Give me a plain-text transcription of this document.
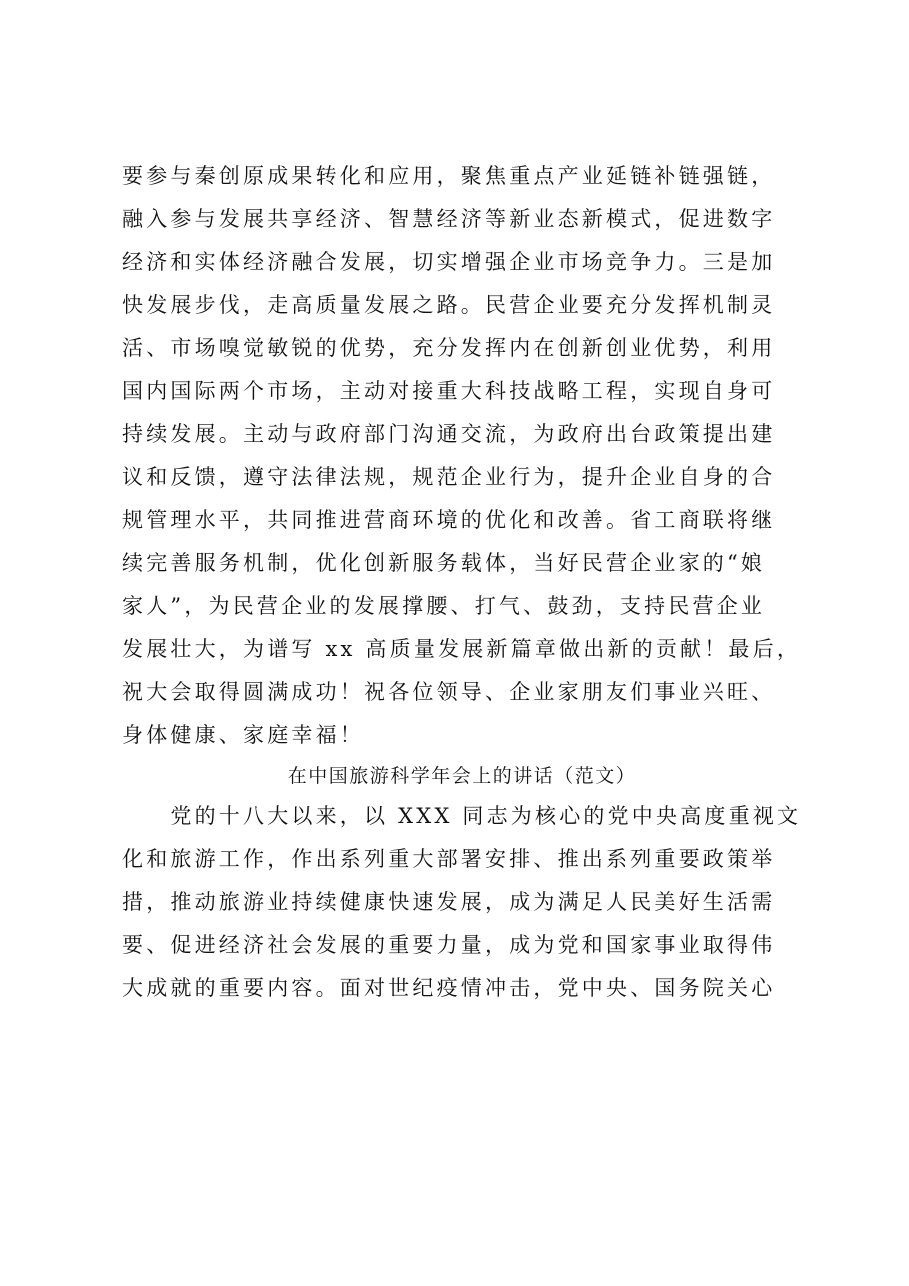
要参与秦创原成果转化和应用，聚焦重点产业延链补链强链，
融入参与发展共享经济、智慧经济等新业态新模式，促进数字
经济和实体经济融合发展，切实增强企业市场竞争力。三是加
快发展步伐，走高质量发展之路。民营企业要充分发挥机制灵
活、市场嗅觉敏锐的优势，充分发挥内在创新创业优势，利用
国内国际两个市场，主动对接重大科技战略工程，实现自身可
持续发展。主动与政府部门沟通交流，为政府出台政策提出建
议和反馈，遵守法律法规，规范企业行为，提升企业自身的合
规管理水平，共同推进营商环境的优化和改善。省工商联将继
续完善服务机制，优化创新服务载体，当好民营企业家的“娘
家人”，为民营企业的发展撑腰、打气、鼓劲，支持民营企业
发展壮大，为谱写 xx 高质量发展新篇章做出新的贡献！最后，
祝大会取得圆满成功！祝各位领导、企业家朋友们事业兴旺、
身体健康、家庭幸福！
在中国旅游科学年会上的讲话（范文）
　　党的十八大以来，以 XXX 同志为核心的党中央高度重视文
化和旅游工作，作出系列重大部署安排、推出系列重要政策举
措，推动旅游业持续健康快速发展，成为满足人民美好生活需
要、促进经济社会发展的重要力量，成为党和国家事业取得伟
大成就的重要内容。面对世纪疫情冲击，党中央、国务院关心
